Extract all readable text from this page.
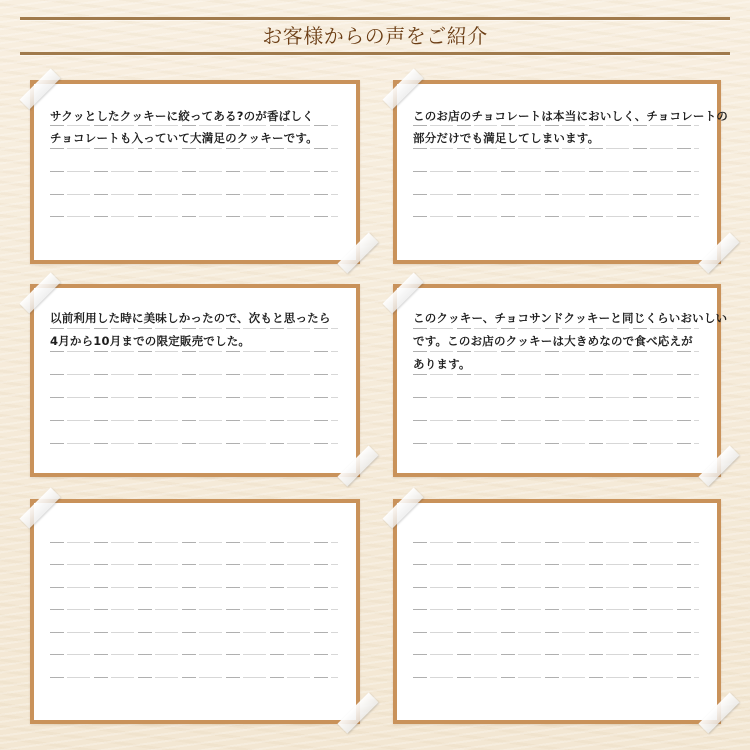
お客様からの声をご紹介
サクッとしたクッキーに絞ってある?のが香ばしく
チョコレートも入っていて大満足のクッキーです。
このお店のチョコレートは本当においしく、チョコレートの
部分だけでも満足してしまいます。
以前利用した時に美味しかったので、次もと思ったら
4月から10月までの限定販売でした。
このクッキー、チョコサンドクッキーと同じくらいおいしい
です。このお店のクッキーは大きめなので食べ応えが
あります。
